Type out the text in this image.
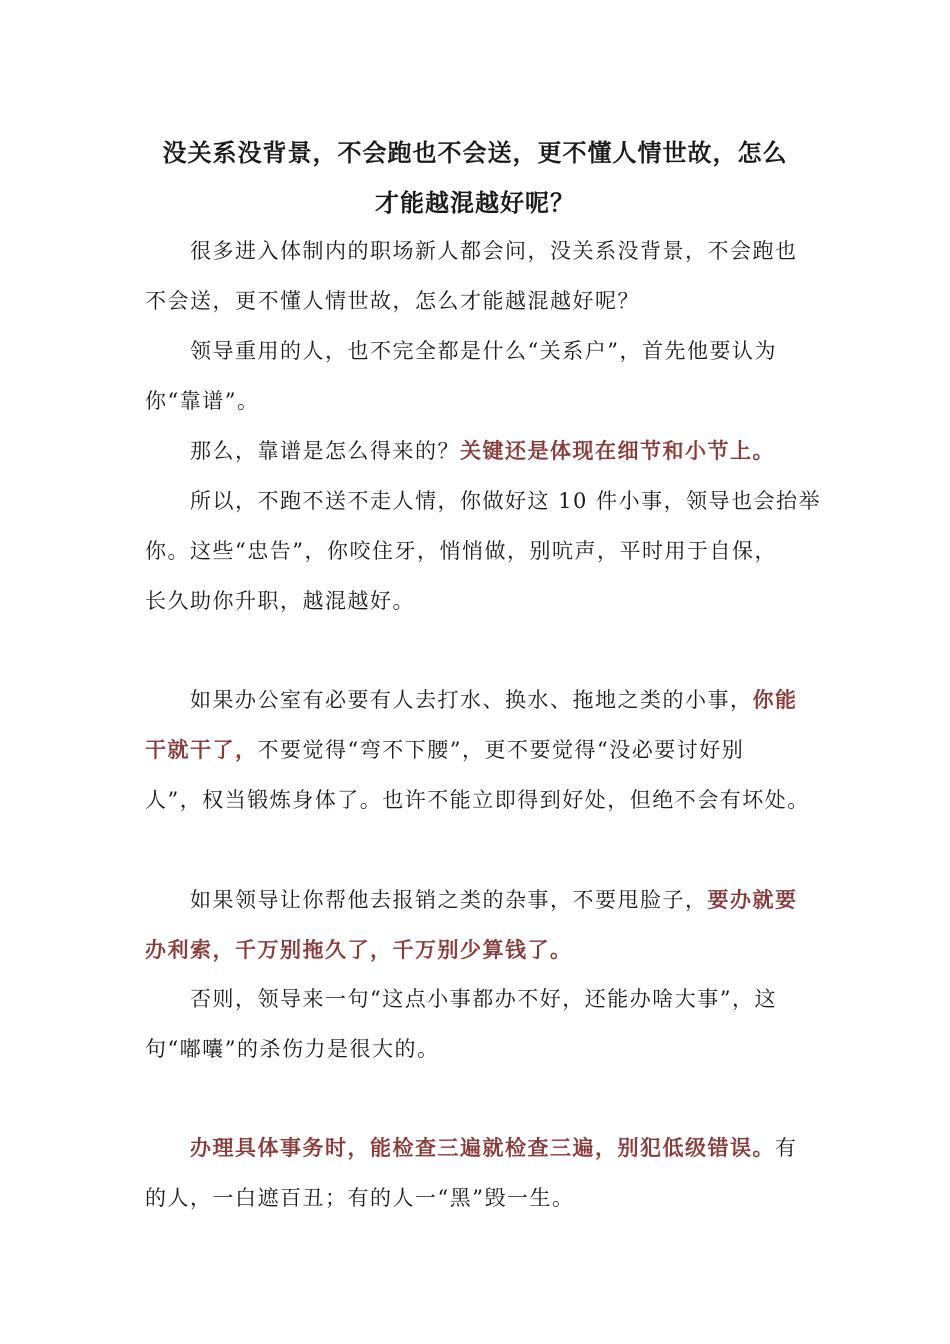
没关系没背景，不会跑也不会送，更不懂人情世故，怎么
才能越混越好呢？

很多进入体制内的职场新人都会问，没关系没背景，不会跑也
不会送，更不懂人情世故，怎么才能越混越好呢？

领导重用的人，也不完全都是什么“关系户”，首先他要认为
你“靠谱”。

那么，靠谱是怎么得来的？关键还是体现在细节和小节上。

所以，不跑不送不走人情，你做好这 10 件小事，领导也会抬举
你。这些“忠告”，你咬住牙，悄悄做，别吭声，平时用于自保，
长久助你升职，越混越好。

如果办公室有必要有人去打水、换水、拖地之类的小事，你能
干就干了，不要觉得“弯不下腰”，更不要觉得“没必要讨好别
人”，权当锻炼身体了。也许不能立即得到好处，但绝不会有坏处。

如果领导让你帮他去报销之类的杂事，不要甩脸子，要办就要
办利索，千万别拖久了，千万别少算钱了。

否则，领导来一句“这点小事都办不好，还能办啥大事”，这
句“嘟囔”的杀伤力是很大的。

办理具体事务时，能检查三遍就检查三遍，别犯低级错误。有
的人，一白遮百丑；有的人一“黑”毁一生。
